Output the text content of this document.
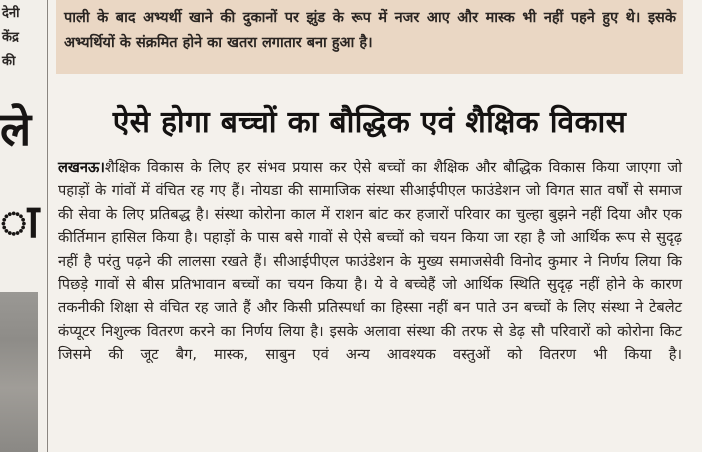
देनी
केंद्र
की
ले
ा
पाली के बाद अभ्यर्थी खाने की दुकानों पर झुंड के रूप में नजर आए और मास्क भी नहीं पहने हुए थे। इसके अभ्यर्थियों के संक्रमित होने का खतरा लगातार बना हुआ है।
ऐसे होगा बच्चों का बौद्धिक एवं शैक्षिक विकास
लखनऊ।शैक्षिक विकास के लिए हर संभव प्रयास कर ऐसे बच्चों का शैक्षिक और बौद्धिक विकास किया जाएगा जो पहाड़ों के गांवों में वंचित रह गए हैं। नोयडा की सामाजिक संस्था सीआईपीएल फाउंडेशन जो विगत सात वर्षों से समाज की सेवा के लिए प्रतिबद्ध है। संस्था कोरोना काल में राशन बांट कर हजारों परिवार का चुल्हा बुझने नहीं दिया और एक कीर्तिमान हासिल किया है। पहाड़ों के पास बसे गावों से ऐसे बच्चों को चयन किया जा रहा है जो आर्थिक रूप से सुदृढ़ नहीं है परंतु पढ़ने की लालसा रखते हैं। सीआईपीएल फाउंडेशन के मुख्य समाजसेवी विनोद कुमार ने निर्णय लिया कि पिछड़े गावों से बीस प्रतिभावान बच्चों का चयन किया है। ये वे बच्चेहैं जो आर्थिक स्थिति सुदृढ़ नहीं होने के कारण तकनीकी शिक्षा से वंचित रह जाते हैं और किसी प्रतिस्पर्धा का हिस्सा नहीं बन पाते उन बच्चों के लिए संस्था ने टेबलेट कंप्यूटर निशुल्क वितरण करने का निर्णय लिया है। इसके अलावा संस्था की तरफ से डेढ़ सौ परिवारों को कोरोना किट जिसमे की जूट बैग, मास्क, साबुन एवं अन्य आवश्यक वस्तुओं को वितरण भी किया है।
